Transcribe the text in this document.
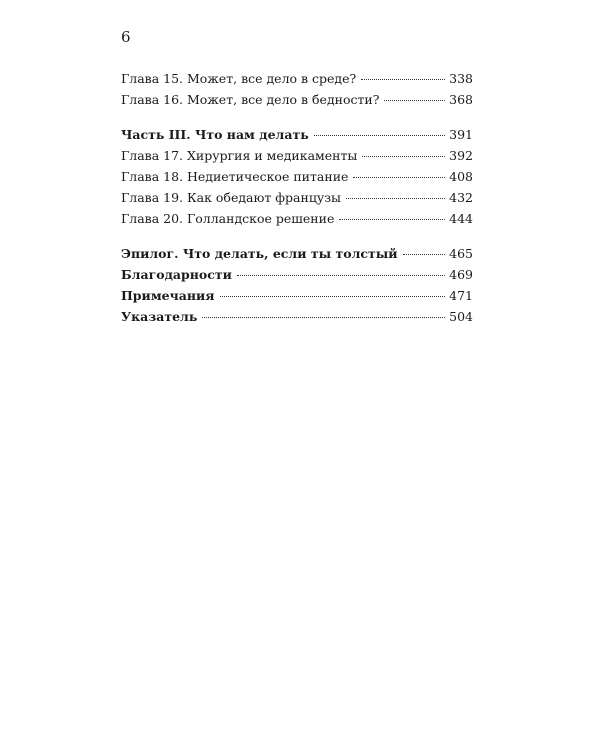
6
Глава 15. Может, все дело в среде?	338
Глава 16. Может, все дело в бедности?	368
Часть III. Что нам делать	391
Глава 17. Хирургия и медикаменты	392
Глава 18. Недиетическое питание	408
Глава 19. Как обедают французы	432
Глава 20. Голландское решение	444
Эпилог. Что делать, если ты толстый	465
Благодарности	469
Примечания	471
Указатель	504
